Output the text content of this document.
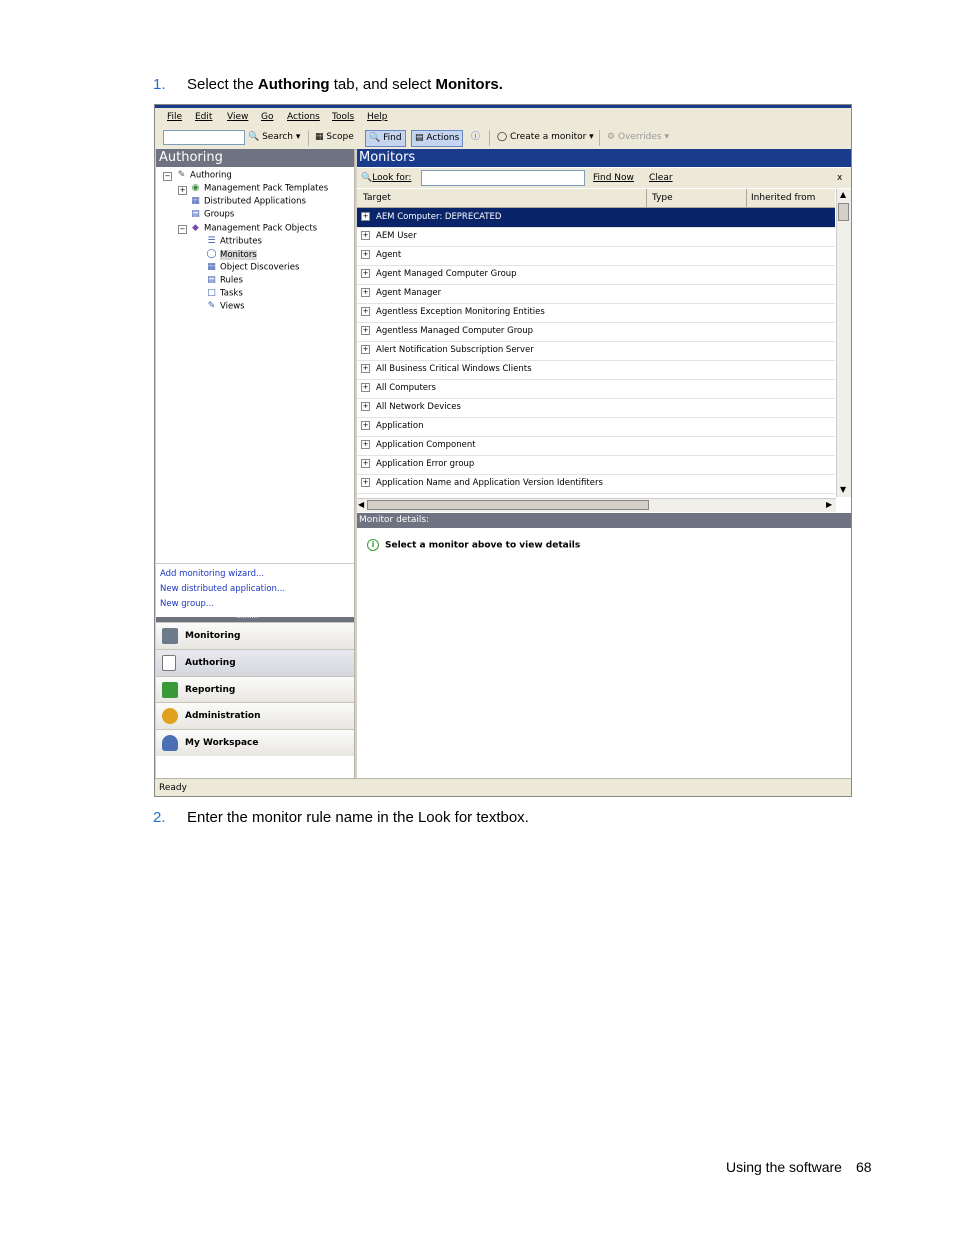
1. Select the Authoring tab, and select Monitors.
File Edit View Go Actions Tools Help
🔍 Search ▾ ▦ Scope	🔍 Find	▤ Actions	ⓘ ◯ Create a monitor ▾ ⚙ Overrides ▾
Authoring
− ✎ Authoring
+ ◉ Management Pack Templates
▦ Distributed Applications
▤ Groups
− ◆ Management Pack Objects
☰ Attributes
◯ Monitors
▦ Object Discoveries
▤ Rules
□ Tasks
✎ Views
Add monitoring wizard...
New distributed application...
New group...
..........
Monitoring
Authoring
Reporting
Administration
My Workspace
Monitors
🔍Look for:	Find Now Clear	x
Target	Type	Inherited from
+ AEM Computer: DEPRECATED
+ AEM User
+ Agent
+ Agent Managed Computer Group
+ Agent Manager
+ Agentless Exception Monitoring Entities
+ Agentless Managed Computer Group
+ Alert Notification Subscription Server
+ All Business Critical Windows Clients
+ All Computers
+ All Network Devices
+ Application
+ Application Component
+ Application Error group
+ Application Name and Application Version Identifiters
▲
▼
◀	▶
Monitor details:
i Select a monitor above to view details
Ready
2. Enter the monitor rule name in the Look for textbox.
Using the software 68
